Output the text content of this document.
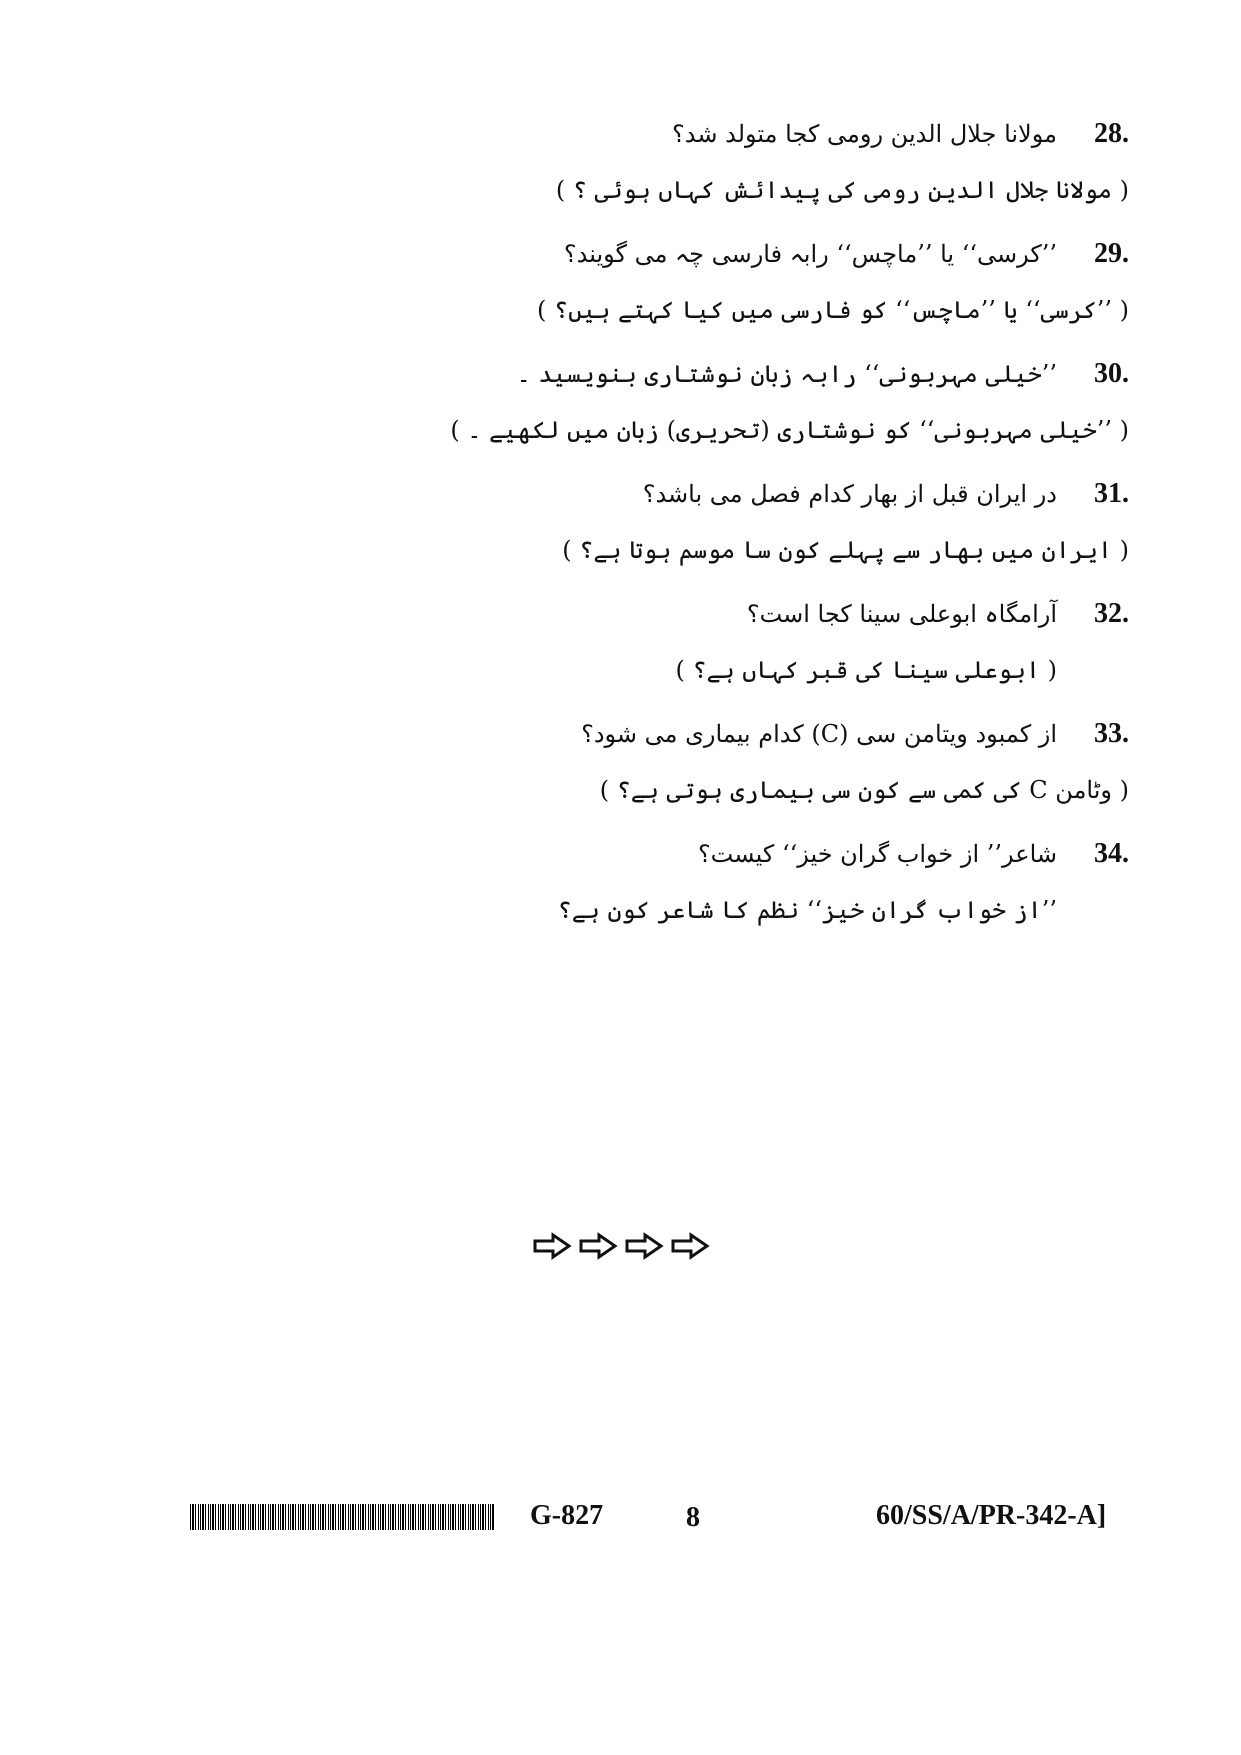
28.
مولانا جلال الدین رومی کجا متولد شد؟
( مولانا جلال الدین رومی کی پیدائش کہاں ہوئی ؟ )
29.
’’کرسی‘‘ یا ’’ماچس‘‘ رابہ فارسی چہ می گویند؟
( ’’کرسی‘‘ یا ’’ماچس‘‘ کو فارسی میں کیا کہتے ہیں؟ )
30.
’’خیلی مہربونی‘‘ رابہ زبان نوشتاری بنویسید ۔
( ’’خیلی مہربونی‘‘ کو نوشتاری (تحریری) زبان میں لکھیے ۔ )
31.
در ایران قبل از بھار کدام فصل می باشد؟
( ایران میں بھار سے پہلے کون سا موسم ہوتا ہے؟ )
32.
آرامگاہ ابوعلی سینا کجا است؟
( ابوعلی سینا کی قبر کہاں ہے؟ )
33.
از کمبود ویتامن سی (C) کدام بیماری می شود؟
( وٹامن C کی کمی سے کون سی بیماری ہوتی ہے؟ )
34.
شاعر’’ از خواب گران خیز‘‘ کیست؟
’’از خواب گران خیز‘‘ نظم کا شاعر کون ہے؟
G-827	8	60/SS/A/PR-342-A]
